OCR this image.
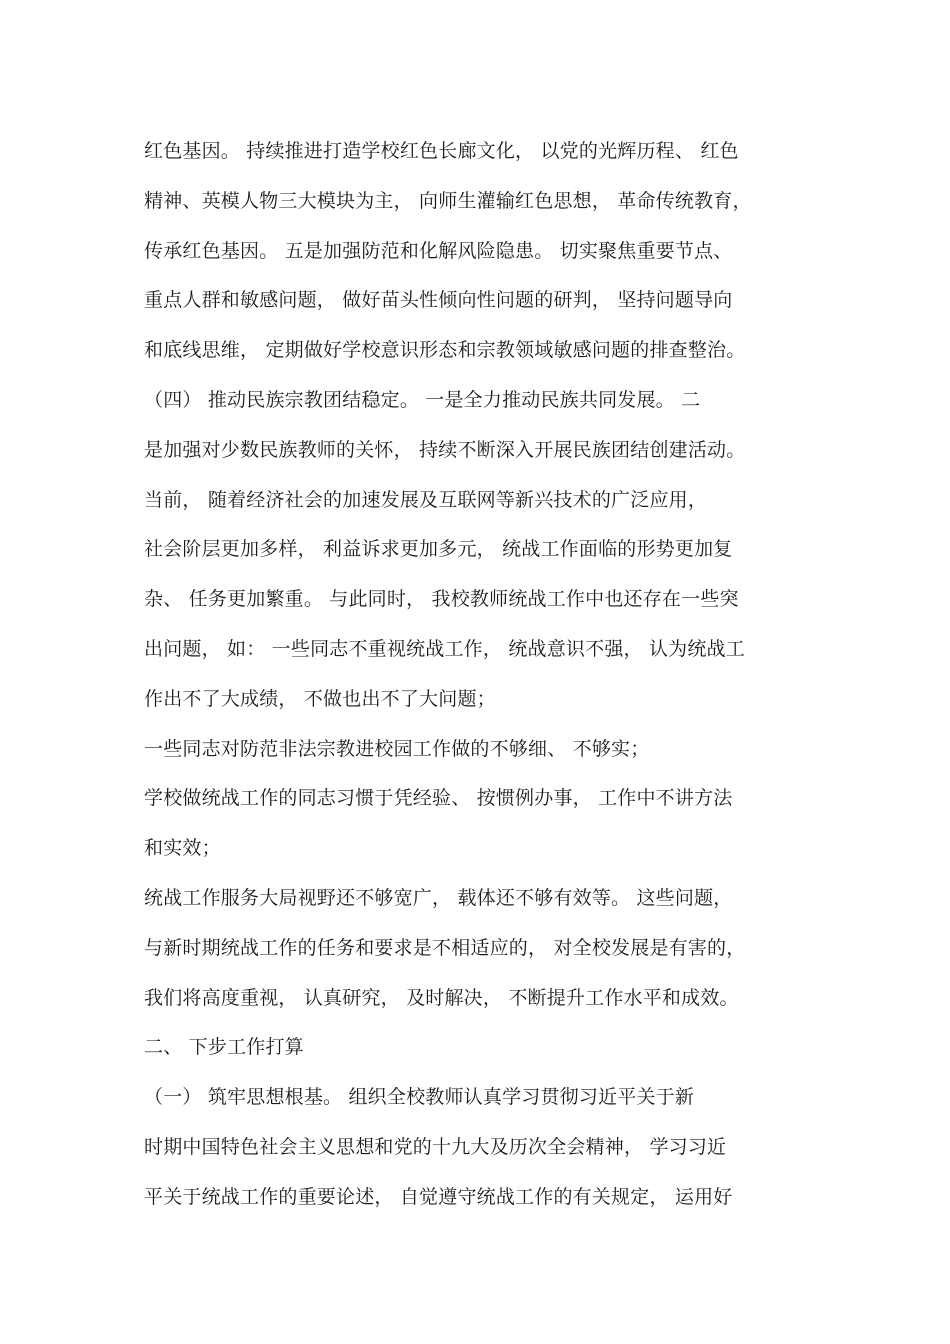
红色基因。 持续推进打造学校红色长廊文化， 以党的光辉历程、 红色
精神、英模人物三大模块为主， 向师生灌输红色思想， 革命传统教育，
传承红色基因。 五是加强防范和化解风险隐患。 切实聚焦重要节点、
重点人群和敏感问题， 做好苗头性倾向性问题的研判， 坚持问题导向
和底线思维， 定期做好学校意识形态和宗教领域敏感问题的排查整治。
（四） 推动民族宗教团结稳定。 一是全力推动民族共同发展。 二
是加强对少数民族教师的关怀， 持续不断深入开展民族团结创建活动。
当前， 随着经济社会的加速发展及互联网等新兴技术的广泛应用，
社会阶层更加多样， 利益诉求更加多元， 统战工作面临的形势更加复
杂、 任务更加繁重。 与此同时， 我校教师统战工作中也还存在一些突
出问题， 如： 一些同志不重视统战工作， 统战意识不强， 认为统战工
作出不了大成绩， 不做也出不了大问题；
一些同志对防范非法宗教进校园工作做的不够细、 不够实；
学校做统战工作的同志习惯于凭经验、 按惯例办事， 工作中不讲方法
和实效；
统战工作服务大局视野还不够宽广， 载体还不够有效等。 这些问题，
与新时期统战工作的任务和要求是不相适应的， 对全校发展是有害的，
我们将高度重视， 认真研究， 及时解决， 不断提升工作水平和成效。
二、 下步工作打算
（一） 筑牢思想根基。 组织全校教师认真学习贯彻习近平关于新
时期中国特色社会主义思想和党的十九大及历次全会精神， 学习习近
平关于统战工作的重要论述， 自觉遵守统战工作的有关规定， 运用好
